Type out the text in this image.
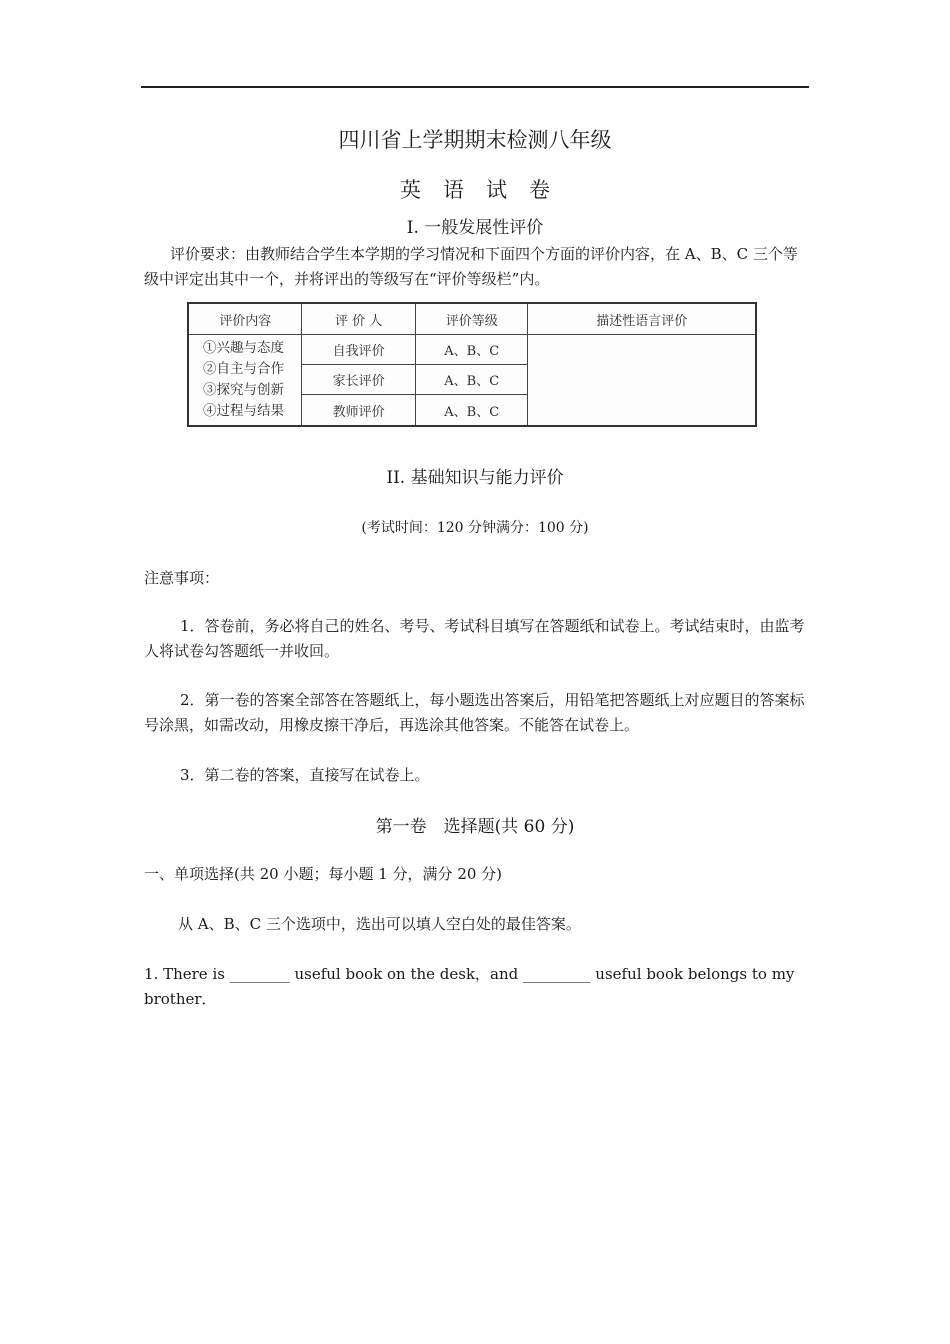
四川省上学期期末检测八年级
英语试卷
I. 一般发展性评价
评价要求：由教师结合学生本学期的学习情况和下面四个方面的评价内容，在 A、B、C 三个等级中评定出其中一个，并将评出的等级写在“评价等级栏”内。
评价内容	评 价 人	评价等级	描述性语言评价

①兴趣与态度
②自主与合作
③探究与创新
④过程与结果	自我评价	A、B、C	
	家长评价	A、B、C	
	教师评价	A、B、C	
II. 基础知识与能力评价
(考试时间：120 分钟满分：100 分)
注意事项：
1．答卷前，务必将自己的姓名、考号、考试科目填写在答题纸和试卷上。考试结束时，由监考人将试卷勾答题纸一并收回。
2．第一卷的答案全部答在答题纸上，每小题选出答案后，用铅笔把答题纸上对应题目的答案标号涂黑，如需改动，用橡皮擦干净后，再选涂其他答案。不能答在试卷上。
3．第二卷的答案，直接写在试卷上。
第一卷　选择题(共 60 分)
一、单项选择(共 20 小题；每小题 1 分，满分 20 分)
从 A、B、C 三个选项中，选出可以填人空白处的最佳答案。
1. There is ________ useful book on the desk，and _________ useful book belongs to my brother．
